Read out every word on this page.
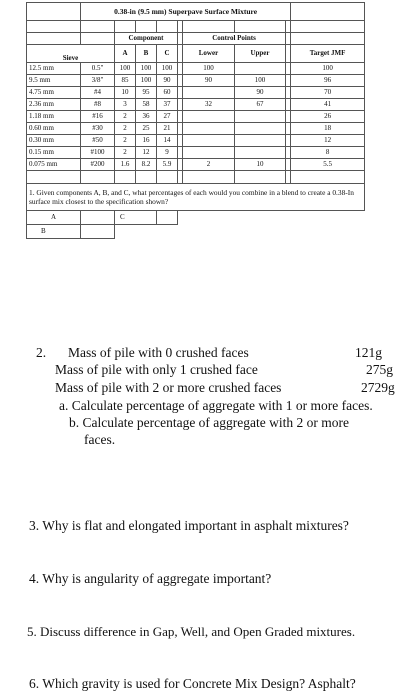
	0.38-in (9.5 mm) Superpave Surface Mixture								

		Component				Control Points			
Sieve		A	B	C		Lower	Upper		Target JMF
12.5 mm	0.5"	100	100	100		100			100
9.5 mm	3/8"	85	100	90		90	100		96
4.75 mm	#4	10	95	60			90		70
2.36 mm	#8	3	58	37		32	67		41
1.18 mm	#16	2	36	27					26
0.60 mm	#30	2	25	21					18
0.30 mm	#50	2	16	14					12
0.15 mm	#100	2	12	9					8
0.075 mm	#200	1.6	8.2	5.9		2	10		5.5

1. Given components A, B, and C, what percentages of each would you combine in a blend to create a 0.38-In surface mix closest to the specification shown?									
A		C							
B									
2. Mass of pile with 0 crushed faces	121g
Mass of pile with only 1 crushed face	275g
Mass of pile with 2 or more crushed faces	2729g
a. Calculate percentage of aggregate with 1 or more faces.
b. Calculate percentage of aggregate with 2 or more
faces.
3. Why is flat and elongated important in asphalt mixtures?
4. Why is angularity of aggregate important?
5. Discuss difference in Gap, Well, and Open Graded mixtures.
6. Which gravity is used for Concrete Mix Design? Asphalt?
